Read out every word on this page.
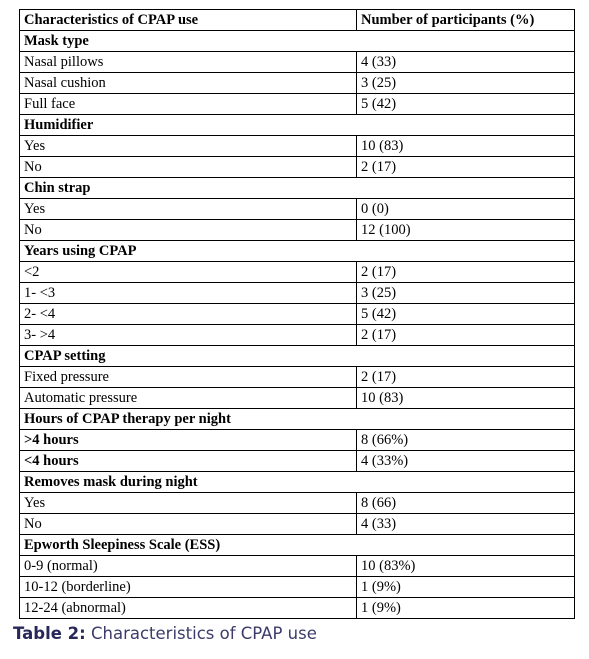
Characteristics of CPAP use	Number of participants (%)
Mask type	
Nasal pillows	4 (33)
Nasal cushion	3 (25)
Full face	5 (42)
Humidifier	
Yes	10 (83)
No	2 (17)
Chin strap	
Yes	0 (0)
No	12 (100)
Years using CPAP	
<2	2 (17)
1- <3	3 (25)
2- <4	5 (42)
3- >4	2 (17)
CPAP setting	
Fixed pressure	2 (17)
Automatic pressure	10 (83)
Hours of CPAP therapy per night	
>4 hours	8 (66%)
<4 hours	4 (33%)
Removes mask during night	
Yes	8 (66)
No	4 (33)
Epworth Sleepiness Scale (ESS)	
0-9 (normal)	10 (83%)
10-12 (borderline)	1 (9%)
12-24 (abnormal)	1 (9%)
Table 2: Characteristics of CPAP use
